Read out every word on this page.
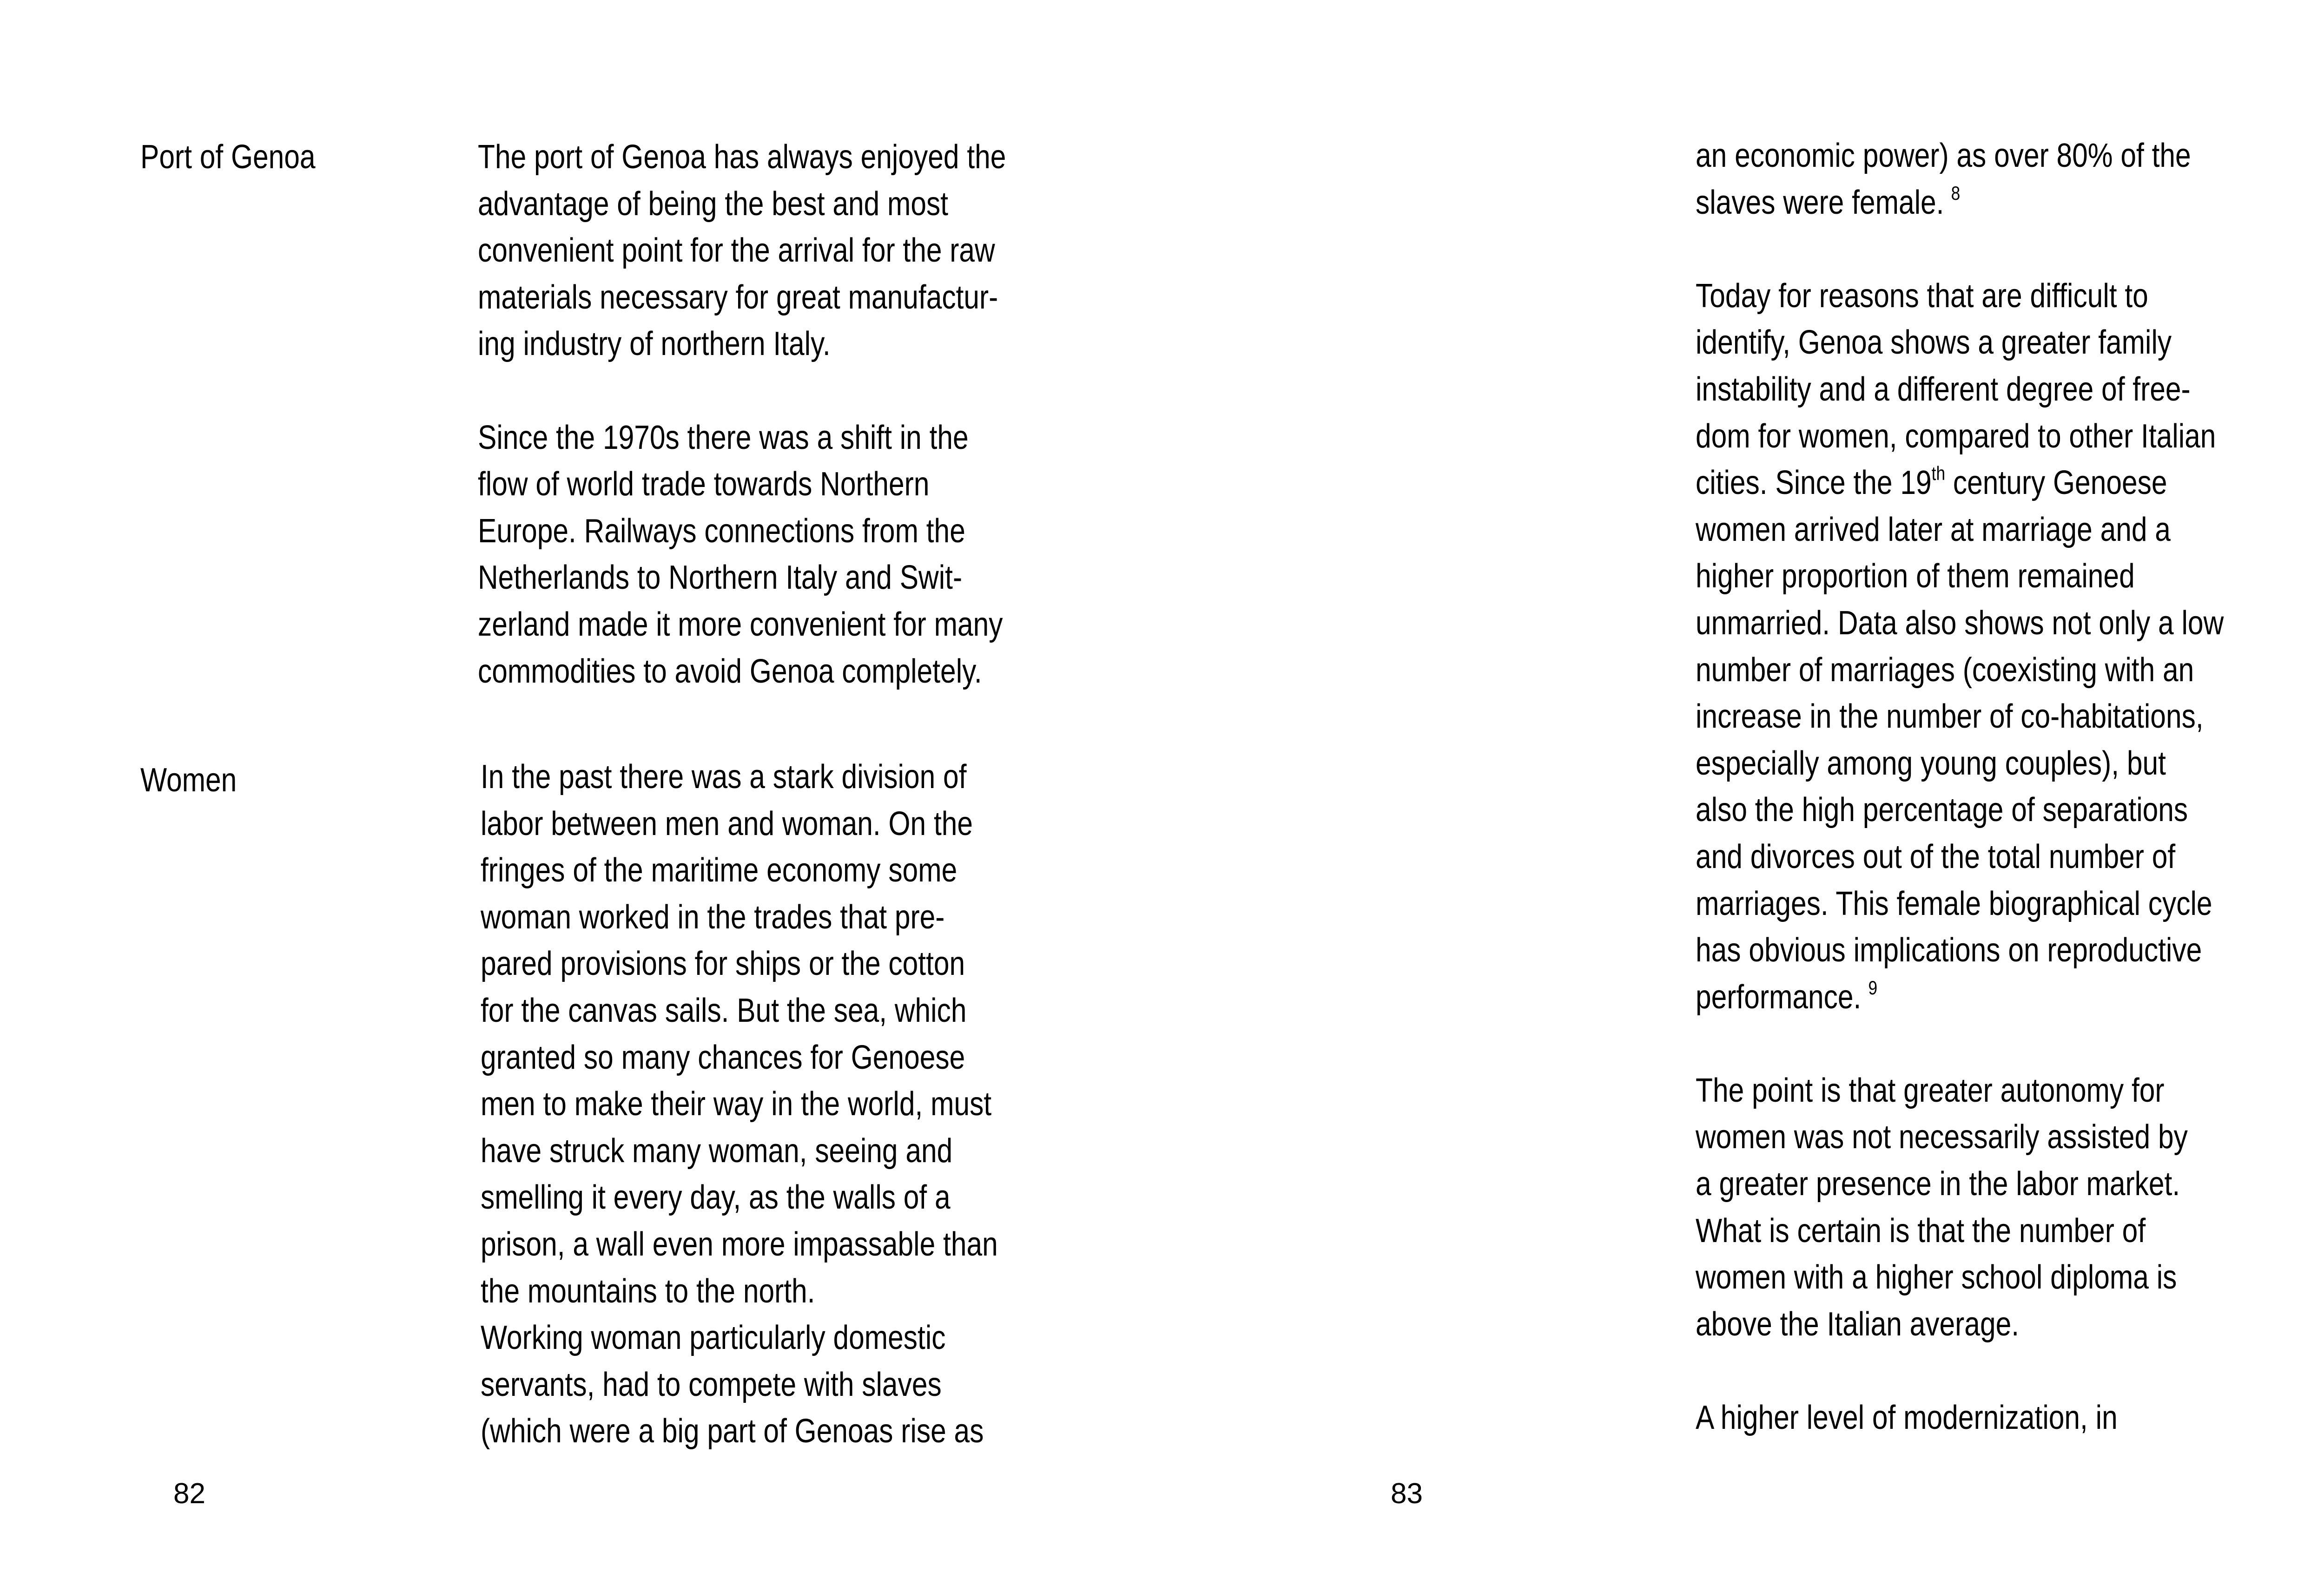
Port of Genoa	The port of Genoa has always enjoyed the
advantage of being the best and most
convenient point for the arrival for the raw
materials necessary for great manufactur-
ing industry of northern Italy.
Since the 1970s there was a shift in the
flow of world trade towards Northern
Europe. Railways connections from the
Netherlands to Northern Italy and Swit-
zerland made it more convenient for many
commodities to avoid Genoa completely.
Women	In the past there was a stark division of
labor between men and woman. On the
fringes of the maritime economy some
woman worked in the trades that pre-
pared provisions for ships or the cotton
for the canvas sails. But the sea, which
granted so many chances for Genoese
men to make their way in the world, must
have struck many woman, seeing and
smelling it every day, as the walls of a
prison, a wall even more impassable than
the mountains to the north.
Working woman particularly domestic
servants, had to compete with slaves
(which were a big part of Genoas rise as
82
an economic power) as over 80% of the
slaves were female. $^8$
Today for reasons that are difficult to
identify, Genoa shows a greater family
instability and a different degree of free-
dom for women, compared to other Italian
cities. Since the 19th century Genoese
women arrived later at marriage and a
higher proportion of them remained
unmarried. Data also shows not only a low
number of marriages (coexisting with an
increase in the number of co-habitations,
especially among young couples), but
also the high percentage of separations
and divorces out of the total number of
marriages. This female biographical cycle
has obvious implications on reproductive
performance. $^9$
The point is that greater autonomy for
women was not necessarily assisted by
a greater presence in the labor market.
What is certain is that the number of
women with a higher school diploma is
above the Italian average.
A higher level of modernization, in
83
